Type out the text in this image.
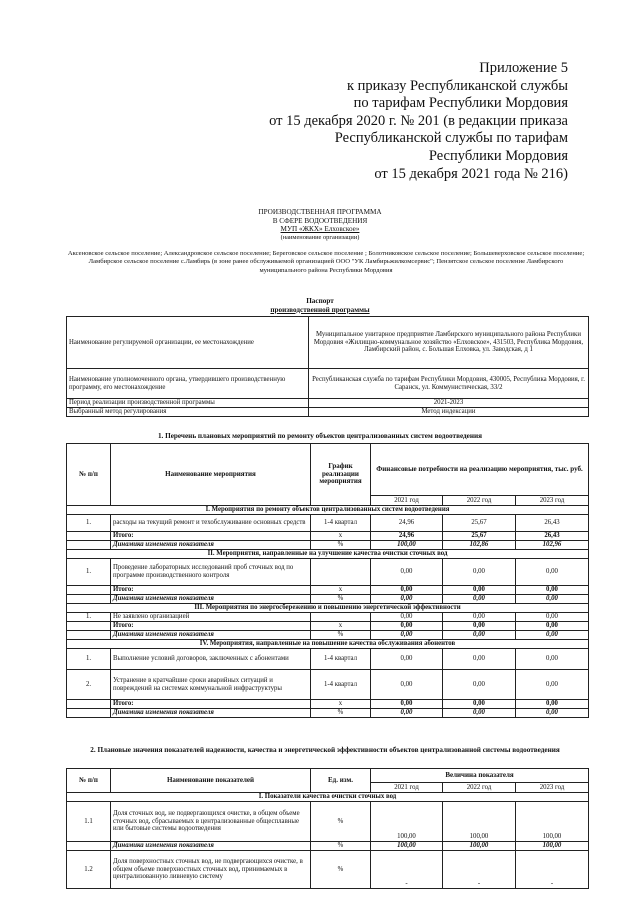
Приложение 5
к приказу Республиканской службы
по тарифам Республики Мордовия
от 15 декабря 2020 г. № 201 (в редакции приказа
Республиканской службы по тарифам
Республики Мордовия
от 15 декабря 2021 года № 216)
ПРОИЗВОДСТВЕННАЯ ПРОГРАММА
В СФЕРЕ ВОДООТВЕДЕНИЯ
МУП «ЖКХ» Елховское»
(наименование организации)
Аксеновское сельское поселение; Александровское сельское поселение; Береговское сельское поселение ; Болотниковское сельское поселение; Большеверховское сельское поселение; Ламбирское сельское поселение с.Ламбирь (в зоне ранее обслуживаемой организацией ООО "УК Ламбирьжилкомсервис"; Пензятское сельское поселение Ламбирского муниципального района Республики Мордовия
Паспорт
производственной программы
Наименование регулируемой организации, ее местонахождение	Муниципальное унитарное предприятие Ламбирского муниципального района Республики Мордовия «Жилищно-коммунальное хозяйство «Елховское», 431503, Республика Мордовия, Ламбирский район, с. Большая Елховка, ул. Заводская, д 1
Наименование уполномоченного органа, утвердившего производственную программу, его местонахождение	Республиканская служба по тарифам Республики Мордовия, 430005, Республика Мордовия, г. Саранск, ул. Коммунистическая, 33/2
Период реализации производственной программы	2021-2023
Выбранный метод регулирования	Метод индексации
1. Перечень плановых мероприятий по ремонту объектов централизованных систем водоотведения
№ п/п	Наименование мероприятия	График реализации мероприятия	Финансовые потребности на реализацию мероприятия, тыс. руб.		
			2021 год	2022 год	2023 год
I. Мероприятия по ремонту объектов централизованных систем водоотведения					
1.	расходы на текущий ремонт и техобслуживание основных средств	1-4 квартал	24,96	25,67	26,43
	Итого:	х	24,96	25,67	26,43
	Динамика изменения показателя	%	100,00	102,86	102,96
II. Мероприятия, направленные на улучшение качества очистки сточных вод					
1.	Проведение лабораторных исследований проб сточных вод по программе производственного контроля		0,00	0,00	0,00
	Итого:	х	0,00	0,00	0,00
	Динамика изменения показателя	%	0,00	0,00	0,00
III. Мероприятия по энергосбережению и повышению энергетической эффективности					
1.	Не заявлено организацией		0,00	0,00	0,00
	Итого:	х	0,00	0,00	0,00
	Динамика изменения показателя	%	0,00	0,00	0,00
IV. Мероприятия, направленные на повышение качества обслуживания абонентов					
1.	Выполнение условий договоров, заключенных с абонентами	1-4 квартал	0,00	0,00	0,00
2.	Устранение в кратчайшие сроки аварийных ситуаций и повреждений на системах коммунальной инфраструктуры	1-4 квартал	0,00	0,00	0,00
	Итого:	х	0,00	0,00	0,00
	Динамика изменения показателя	%	0,00	0,00	0,00
2. Плановые значения показателей надежности, качества и энергетической эффективности объектов централизованной системы водоотведения
№ п/п	Наименование показателей	Ед. изм.	Величина показателя		
			2021 год	2022 год	2023 год
I. Показатели качества очистки сточных вод					
1.1	Доля сточных вод, не подвергающихся очистке, в общем объеме сточных вод, сбрасываемых в централизованные общесплавные или бытовые системы водоотведения	%	100,00	100,00	100,00
	Динамика изменения показателя	%	100,00	100,00	100,00
1.2	Доля поверхностных сточных вод, не подвергающихся очистке, в общем объеме поверхностных сточных вод, принимаемых в централизованную ливневую систему	%	-	-	-
